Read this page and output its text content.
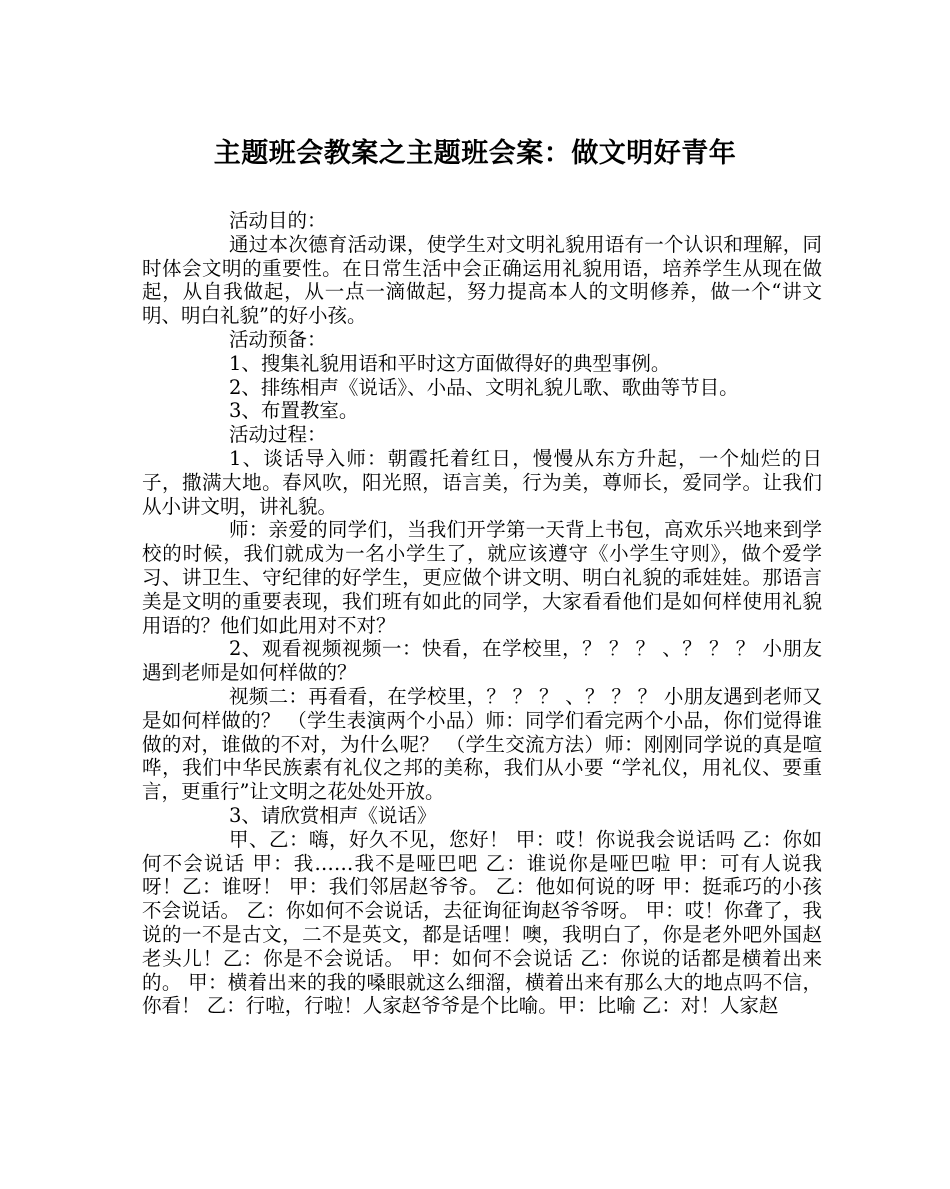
主题班会教案之主题班会案：做文明好青年

活动目的：

通过本次德育活动课，使学生对文明礼貌用语有一个认识和理解，同时体会文明的重要性。在日常生活中会正确运用礼貌用语，培养学生从现在做起，从自我做起，从一点一滴做起，努力提高本人的文明修养，做一个“讲文明、明白礼貌”的好小孩。

活动预备：

1、搜集礼貌用语和平时这方面做得好的典型事例。

2、排练相声《说话》、小品、文明礼貌儿歌、歌曲等节目。

3、布置教室。

活动过程：

1、谈话导入师：朝霞托着红日，慢慢从东方升起，一个灿烂的日子，撒满大地。春风吹，阳光照，语言美，行为美，尊师长，爱同学。让我们从小讲文明，讲礼貌。

师：亲爱的同学们，当我们开学第一天背上书包，高欢乐兴地来到学校的时候，我们就成为一名小学生了，就应该遵守《小学生守则》，做个爱学习、讲卫生、守纪律的好学生，更应做个讲文明、明白礼貌的乖娃娃。那语言美是文明的重要表现，我们班有如此的同学，大家看看他们是如何样使用礼貌用语的？他们如此用对不对？

2、观看视频视频一：快看，在学校里，？ ？ ？ 、？ ？ ？ 小朋友遇到老师是如何样做的？

视频二：再看看，在学校里，？ ？ ？ 、？ ？ ？ 小朋友遇到老师又是如何样做的？ （学生表演两个小品）师：同学们看完两个小品，你们觉得谁做的对，谁做的不对，为什么呢？ （学生交流方法）师：刚刚同学说的真是喧哗，我们中华民族素有礼仪之邦的美称，我们从小要 “学礼仪，用礼仪、要重言，更重行”让文明之花处处开放。

3、请欣赏相声《说话》

甲、乙：嗨，好久不见，您好！ 甲：哎！你说我会说话吗 乙：你如何不会说话 甲：我……我不是哑巴吧 乙：谁说你是哑巴啦 甲：可有人说我呀！乙：谁呀！ 甲：我们邻居赵爷爷。 乙：他如何说的呀 甲：挺乖巧的小孩不会说话。 乙：你如何不会说话，去征询征询赵爷爷呀。 甲：哎！你聋了，我说的一不是古文，二不是英文，都是话哩！噢，我明白了，你是老外吧外国赵老头儿！乙：你是不会说话。 甲：如何不会说话 乙：你说的话都是横着出来的。 甲：横着出来的我的嗓眼就这么细溜，横着出来有那么大的地点吗不信， 你看！ 乙：行啦，行啦！人家赵爷爷是个比喻。甲：比喻 乙：对！人家赵
